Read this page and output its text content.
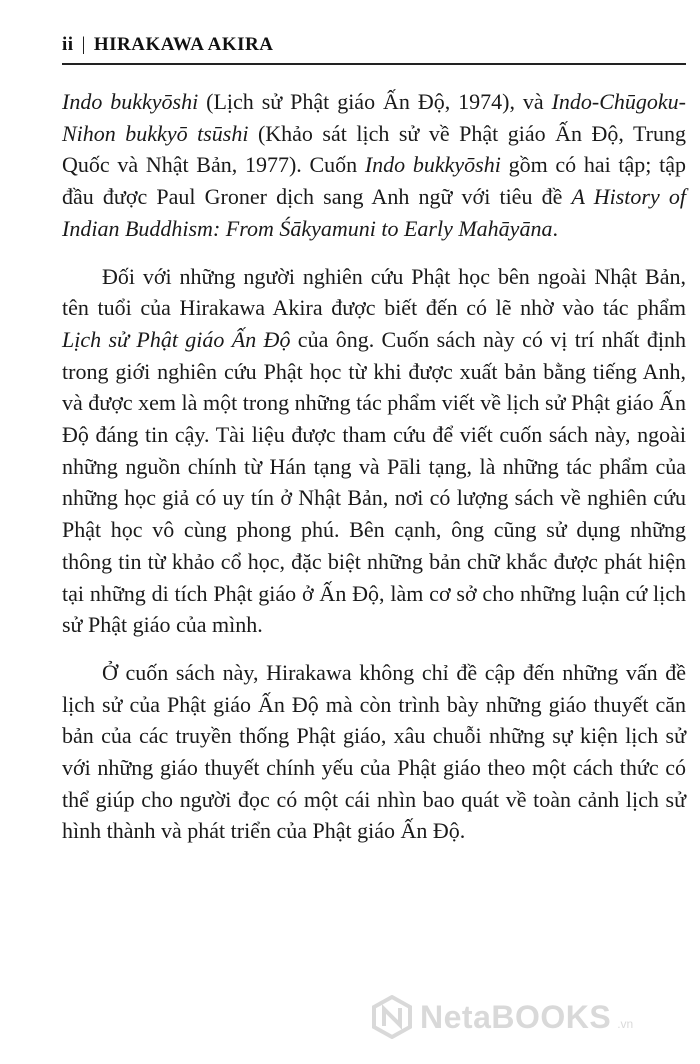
ii | HIRAKAWA AKIRA

Indo bukkyōshi (Lịch sử Phật giáo Ấn Độ, 1974), và Indo-Chūgoku-Nihon bukkyō tsūshi (Khảo sát lịch sử về Phật giáo Ấn Độ, Trung Quốc và Nhật Bản, 1977). Cuốn Indo bukkyōshi gồm có hai tập; tập đầu được Paul Groner dịch sang Anh ngữ với tiêu đề A History of Indian Buddhism: From Śākyamuni to Early Mahāyāna.

Đối với những người nghiên cứu Phật học bên ngoài Nhật Bản, tên tuổi của Hirakawa Akira được biết đến có lẽ nhờ vào tác phẩm Lịch sử Phật giáo Ấn Độ của ông. Cuốn sách này có vị trí nhất định trong giới nghiên cứu Phật học từ khi được xuất bản bằng tiếng Anh, và được xem là một trong những tác phẩm viết về lịch sử Phật giáo Ấn Độ đáng tin cậy. Tài liệu được tham cứu để viết cuốn sách này, ngoài những nguồn chính từ Hán tạng và Pāli tạng, là những tác phẩm của những học giả có uy tín ở Nhật Bản, nơi có lượng sách về nghiên cứu Phật học vô cùng phong phú. Bên cạnh, ông cũng sử dụng những thông tin từ khảo cổ học, đặc biệt những bản chữ khắc được phát hiện tại những di tích Phật giáo ở Ấn Độ, làm cơ sở cho những luận cứ lịch sử Phật giáo của mình.

Ở cuốn sách này, Hirakawa không chỉ đề cập đến những vấn đề lịch sử của Phật giáo Ấn Độ mà còn trình bày những giáo thuyết căn bản của các truyền thống Phật giáo, xâu chuỗi những sự kiện lịch sử với những giáo thuyết chính yếu của Phật giáo theo một cách thức có thể giúp cho người đọc có một cái nhìn bao quát về toàn cảnh lịch sử hình thành và phát triển của Phật giáo Ấn Độ.

NetaBOOKS .vn
